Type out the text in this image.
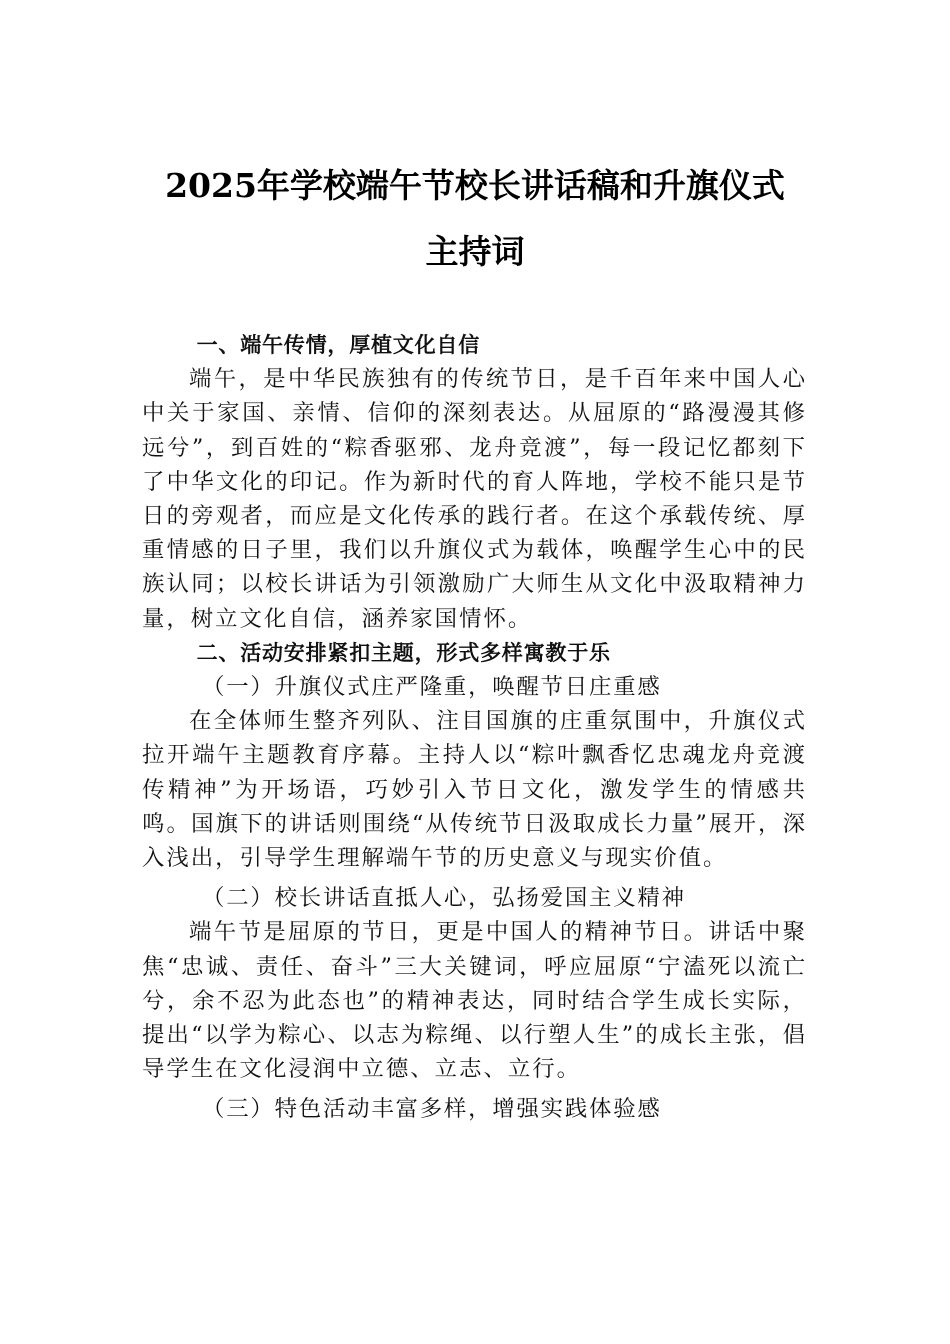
2025年学校端午节校长讲话稿和升旗仪式
主持词

一、端午传情，厚植文化自信

端午，是中华民族独有的传统节日，是千百年来中国人心中关于家国、亲情、信仰的深刻表达。从屈原的“路漫漫其修远兮”，到百姓的“粽香驱邪、龙舟竞渡”，每一段记忆都刻下了中华文化的印记。作为新时代的育人阵地，学校不能只是节日的旁观者，而应是文化传承的践行者。在这个承载传统、厚重情感的日子里，我们以升旗仪式为载体，唤醒学生心中的民族认同；以校长讲话为引领激励广大师生从文化中汲取精神力量，树立文化自信，涵养家国情怀。

二、活动安排紧扣主题，形式多样寓教于乐

（一）升旗仪式庄严隆重，唤醒节日庄重感

在全体师生整齐列队、注目国旗的庄重氛围中，升旗仪式拉开端午主题教育序幕。主持人以“粽叶飘香忆忠魂龙舟竞渡传精神”为开场语，巧妙引入节日文化，激发学生的情感共鸣。国旗下的讲话则围绕“从传统节日汲取成长力量”展开，深入浅出，引导学生理解端午节的历史意义与现实价值。

（二）校长讲话直抵人心，弘扬爱国主义精神

端午节是屈原的节日，更是中国人的精神节日。讲话中聚焦“忠诚、责任、奋斗”三大关键词，呼应屈原“宁溘死以流亡兮，余不忍为此态也”的精神表达，同时结合学生成长实际，提出“以学为粽心、以志为粽绳、以行塑人生”的成长主张，倡导学生在文化浸润中立德、立志、立行。

（三）特色活动丰富多样，增强实践体验感
